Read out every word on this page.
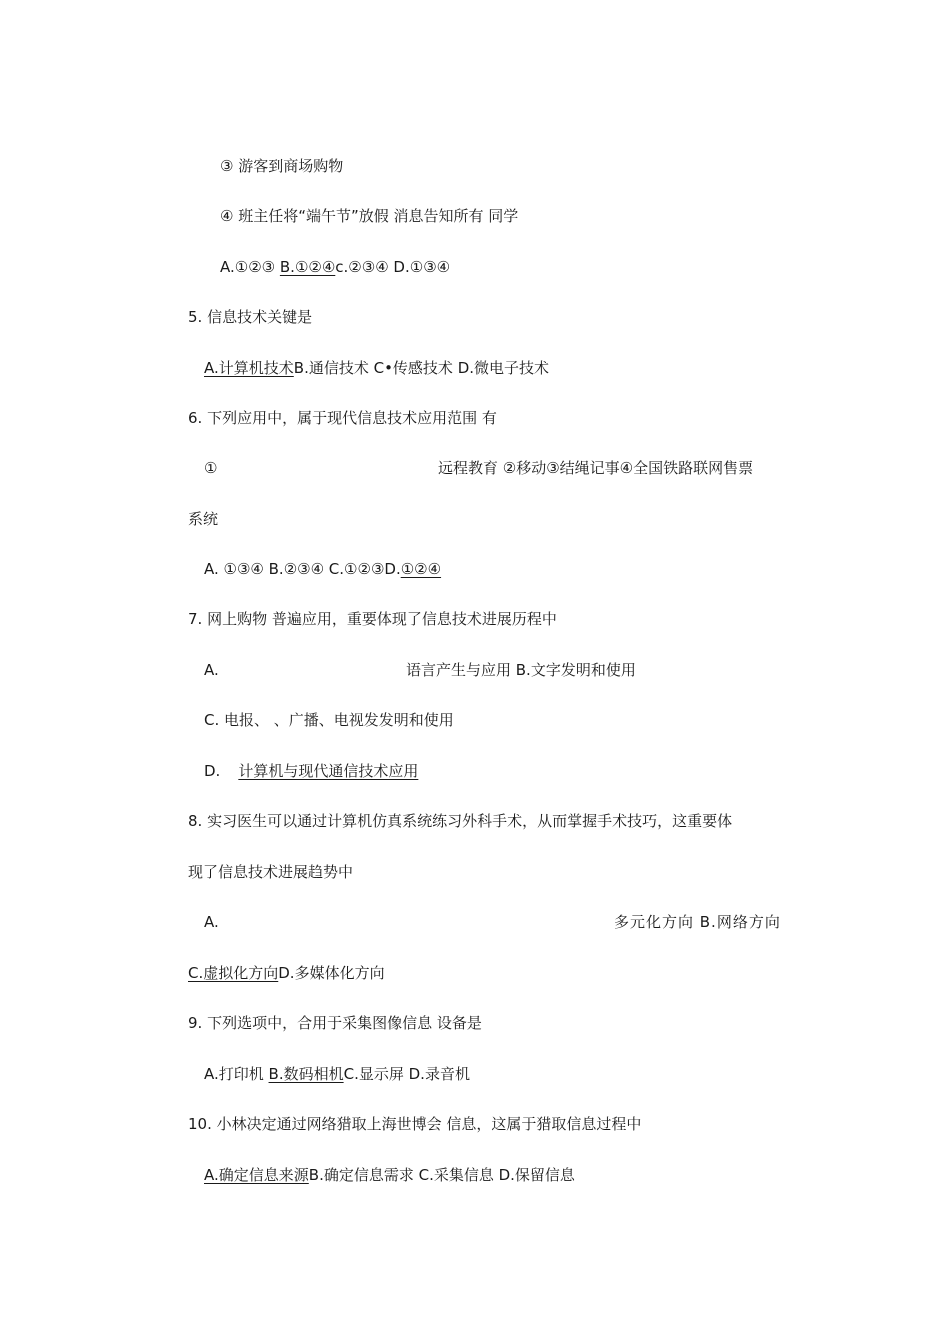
③ 游客到商场购物
④ 班主任将“端午节”放假 消息告知所有 同学
A.①②③ B.①②④c.②③④ D.①③④
5. 信息技术关键是
A.计算机技术B.通信技术 C•传感技术 D.微电子技术
6. 下列应用中，属于现代信息技术应用范围 有
①	远程教育 ②移动③结绳记事④全国铁路联网售票
系统
A. ①③④ B.②③④ C.①②③D.①②④
7. 网上购物 普遍应用，重要体现了信息技术进展历程中
A.	语言产生与应用 B.文字发明和使用
C. 电报、 、广播、电视发发明和使用
D. 计算机与现代通信技术应用
8. 实习医生可以通过计算机仿真系统练习外科手术，从而掌握手术技巧，这重要体
现了信息技术进展趋势中
A.	多元化方向 B.网络方向
C.虚拟化方向D.多媒体化方向
9. 下列选项中，合用于采集图像信息 设备是
A.打印机 B.数码相机C.显示屏 D.录音机
10. 小林决定通过网络猎取上海世博会 信息，这属于猎取信息过程中
A.确定信息来源B.确定信息需求 C.采集信息 D.保留信息
